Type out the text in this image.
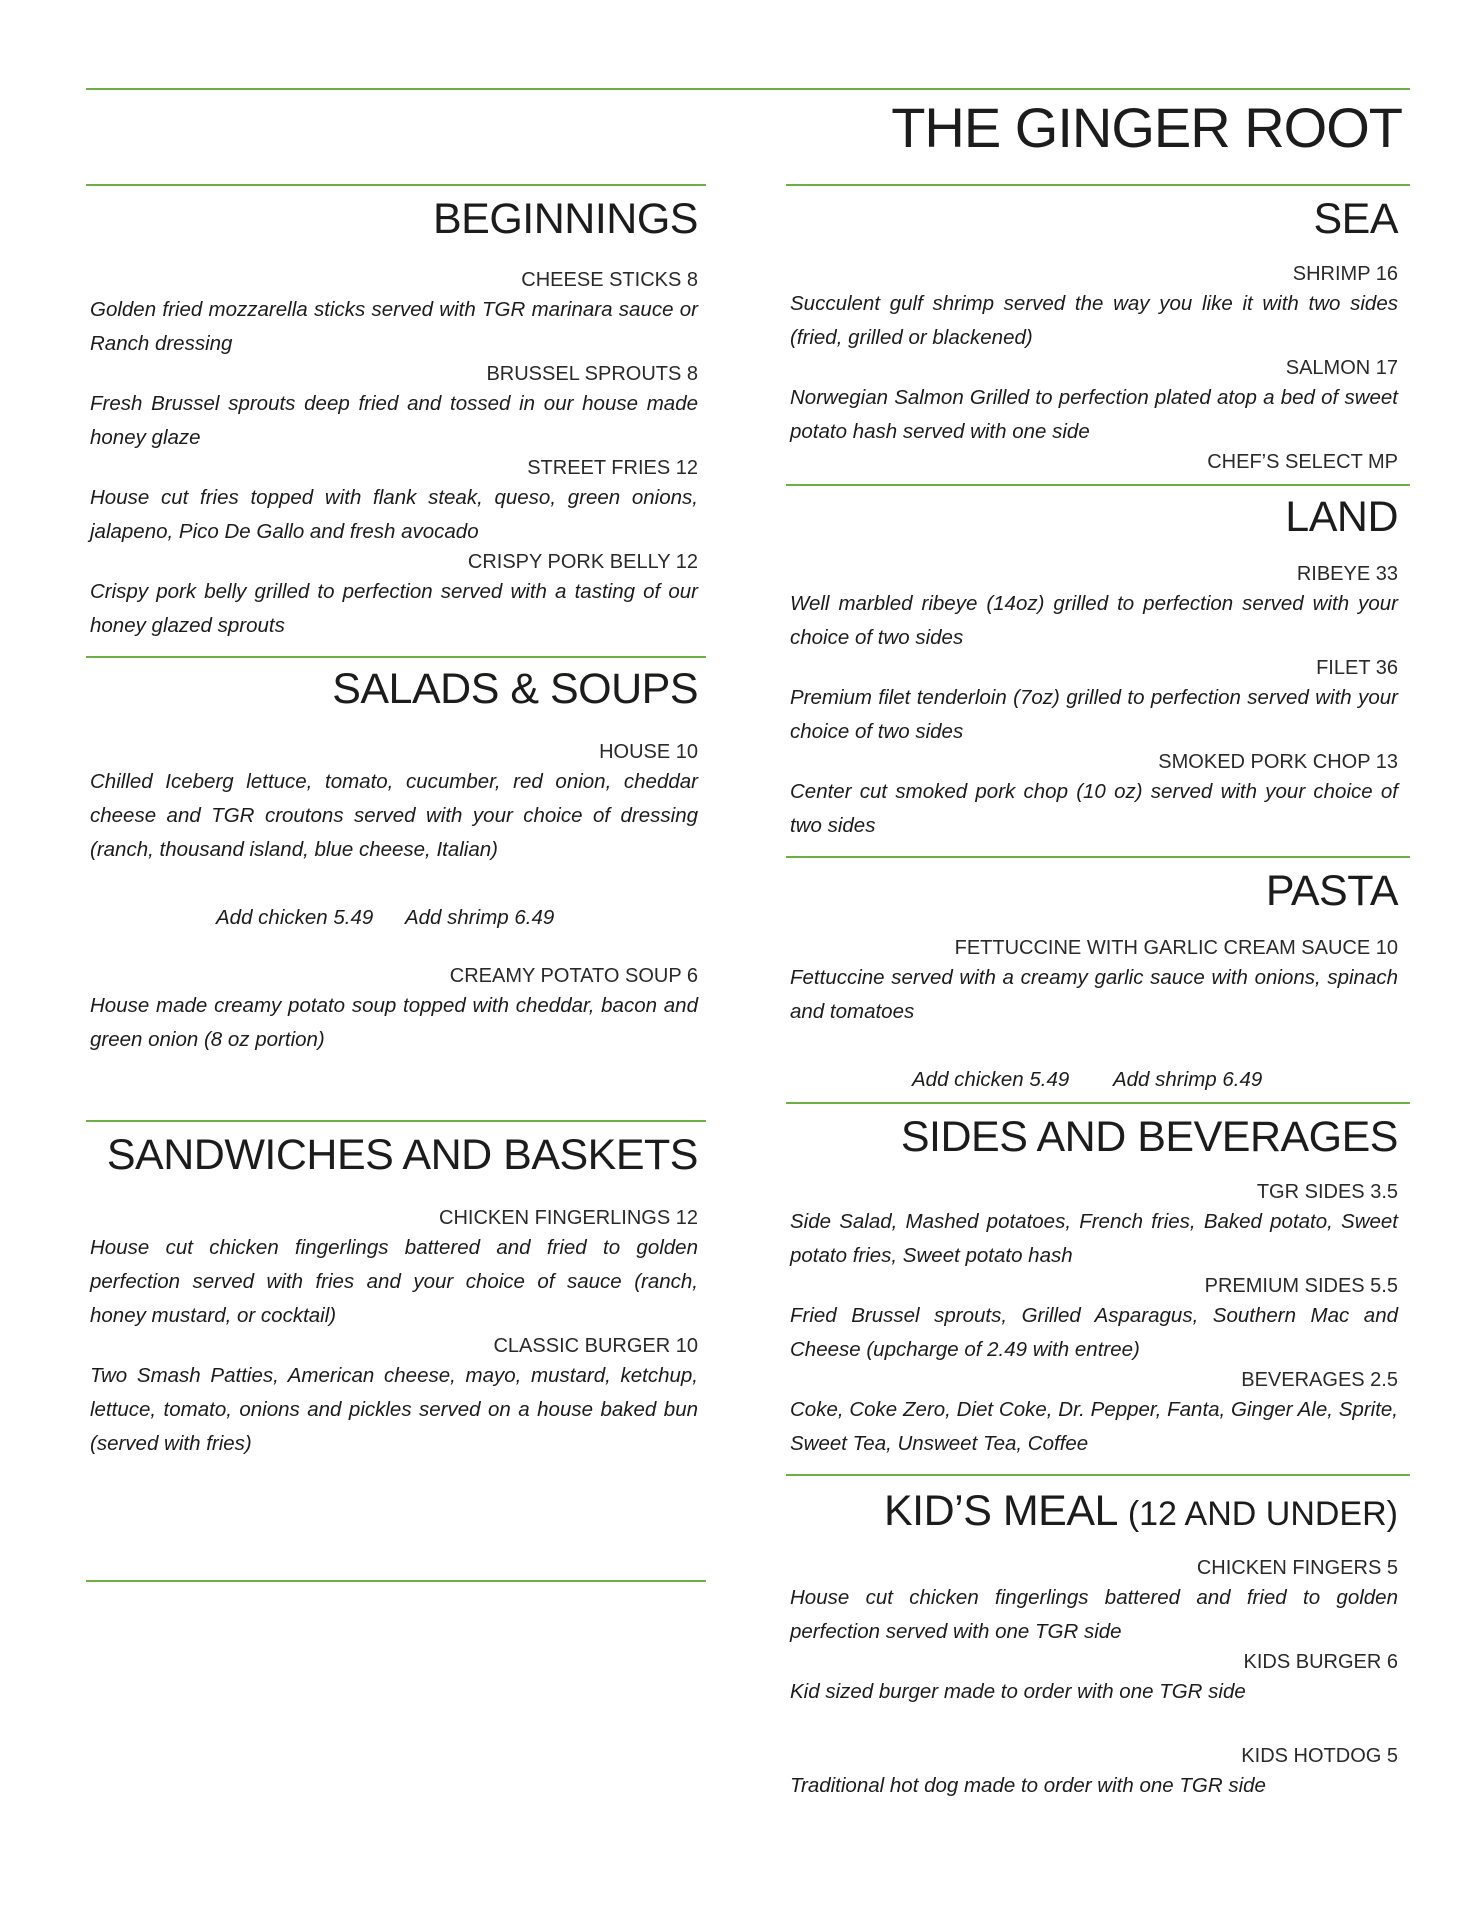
THE GINGER ROOT
BEGINNINGS
CHEESE STICKS 8
Golden fried mozzarella sticks served with TGR marinara sauce or Ranch dressing
BRUSSEL SPROUTS 8
Fresh Brussel sprouts deep fried and tossed in our house made honey glaze
STREET FRIES 12
House cut fries topped with flank steak, queso, green onions, jalapeno, Pico De Gallo and fresh avocado
CRISPY PORK BELLY 12
Crispy pork belly grilled to perfection served with a tasting of our honey glazed sprouts
SALADS & SOUPS
HOUSE 10
Chilled Iceberg lettuce, tomato, cucumber, red onion, cheddar cheese and TGR croutons served with your choice of dressing (ranch, thousand island, blue cheese, Italian)
Add chicken 5.49 Add shrimp 6.49
CREAMY POTATO SOUP 6
House made creamy potato soup topped with cheddar, bacon and green onion (8 oz portion)
SANDWICHES AND BASKETS
CHICKEN FINGERLINGS 12
House cut chicken fingerlings battered and fried to golden perfection served with fries and your choice of sauce (ranch, honey mustard, or cocktail)
CLASSIC BURGER 10
Two Smash Patties, American cheese, mayo, mustard, ketchup, lettuce, tomato, onions and pickles served on a house baked bun (served with fries)
SEA
SHRIMP 16
Succulent gulf shrimp served the way you like it with two sides (fried, grilled or blackened)
SALMON 17
Norwegian Salmon Grilled to perfection plated atop a bed of sweet potato hash served with one side
CHEF’S SELECT MP
LAND
RIBEYE 33
Well marbled ribeye (14oz) grilled to perfection served with your choice of two sides
FILET 36
Premium filet tenderloin (7oz) grilled to perfection served with your choice of two sides
SMOKED PORK CHOP 13
Center cut smoked pork chop (10 oz) served with your choice of two sides
PASTA
FETTUCCINE WITH GARLIC CREAM SAUCE 10
Fettuccine served with a creamy garlic sauce with onions, spinach and tomatoes
Add chicken 5.49 Add shrimp 6.49
SIDES AND BEVERAGES
TGR SIDES 3.5
Side Salad, Mashed potatoes, French fries, Baked potato, Sweet potato fries, Sweet potato hash
PREMIUM SIDES 5.5
Fried Brussel sprouts, Grilled Asparagus, Southern Mac and Cheese (upcharge of 2.49 with entree)
BEVERAGES 2.5
Coke, Coke Zero, Diet Coke, Dr. Pepper, Fanta, Ginger Ale, Sprite, Sweet Tea, Unsweet Tea, Coffee
KID’S MEAL (12 AND UNDER)
CHICKEN FINGERS 5
House cut chicken fingerlings battered and fried to golden perfection served with one TGR side
KIDS BURGER 6
Kid sized burger made to order with one TGR side
KIDS HOTDOG 5
Traditional hot dog made to order with one TGR side
